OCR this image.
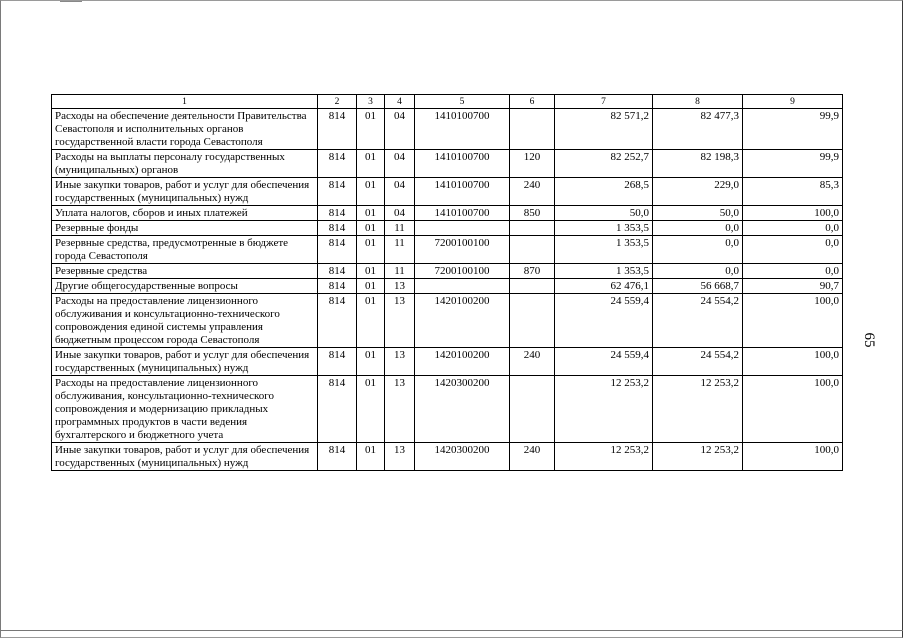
65
1	2	3	4	5	6	7	8	9
Расходы на обеспечение деятельности Правительства Севастополя и исполнительных органов государственной власти города Севастополя	814	01	04	1410100700		82 571,2	82 477,3	99,9
Расходы на выплаты персоналу государственных (муниципальных) органов	814	01	04	1410100700	120	82 252,7	82 198,3	99,9
Иные закупки товаров, работ и услуг для обеспечения государственных (муниципальных) нужд	814	01	04	1410100700	240	268,5	229,0	85,3
Уплата налогов, сборов и иных платежей	814	01	04	1410100700	850	50,0	50,0	100,0
Резервные фонды	814	01	11			1 353,5	0,0	0,0
Резервные средства, предусмотренные в бюджете города Севастополя	814	01	11	7200100100		1 353,5	0,0	0,0
Резервные средства	814	01	11	7200100100	870	1 353,5	0,0	0,0
Другие общегосударственные вопросы	814	01	13			62 476,1	56 668,7	90,7
Расходы на предоставление лицензионного обслуживания и консультационно-технического сопровождения единой системы управления бюджетным процессом города Севастополя	814	01	13	1420100200		24 559,4	24 554,2	100,0
Иные закупки товаров, работ и услуг для обеспечения государственных (муниципальных) нужд	814	01	13	1420100200	240	24 559,4	24 554,2	100,0
Расходы на предоставление лицензионного обслуживания, консультационно-технического сопровождения и модернизацию прикладных программных продуктов в части ведения бухгалтерского и бюджетного учета	814	01	13	1420300200		12 253,2	12 253,2	100,0
Иные закупки товаров, работ и услуг для обеспечения государственных (муниципальных) нужд	814	01	13	1420300200	240	12 253,2	12 253,2	100,0
